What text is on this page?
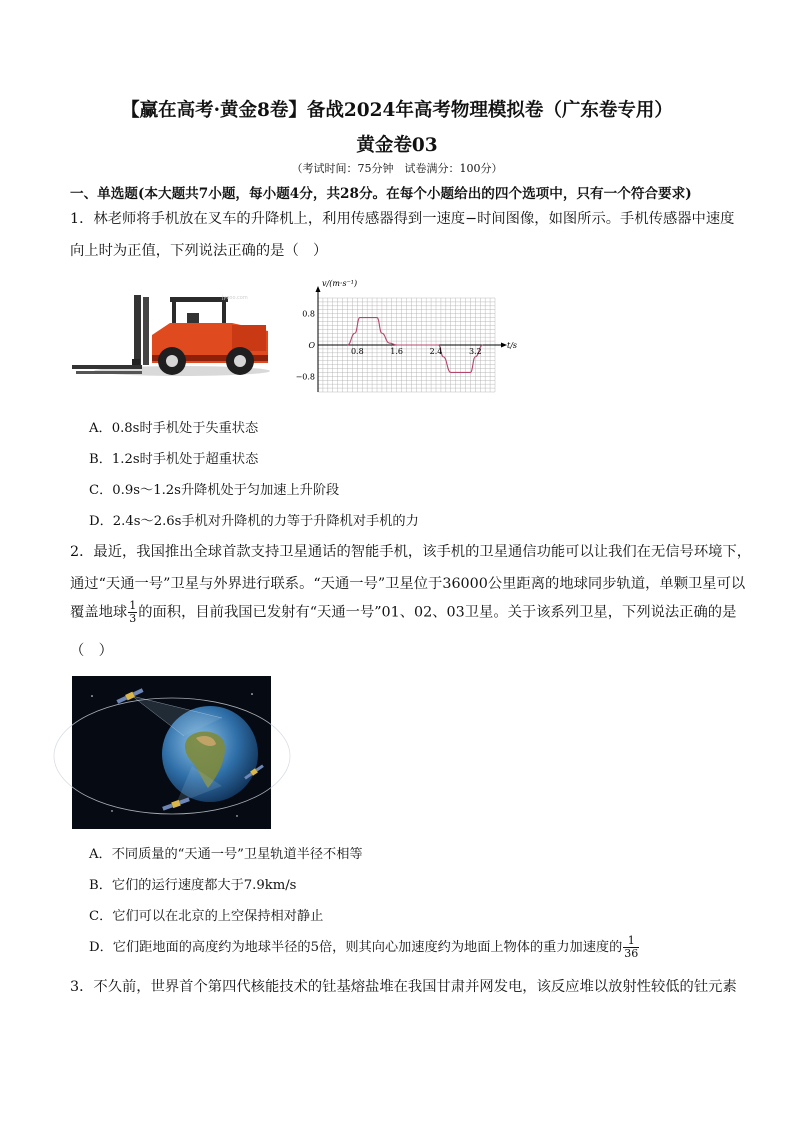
【赢在高考·黄金8卷】备战2024年高考物理模拟卷（广东卷专用）
黄金卷03
（考试时间：75分钟　试卷满分：100分）
一、单选题(本大题共7小题，每小题4分，共28分。在每个小题给出的四个选项中，只有一个符合要求)
1．林老师将手机放在叉车的升降机上，利用传感器得到一速度−时间图像，如图所示。手机传感器中速度
向上时为正值，下列说法正确的是（　）
jyeoo.com
v/(m·s⁻¹)
t/s
O
0.8	1.6	2.4	3.2
0.8
−0.8
A．0.8s时手机处于失重状态
B．1.2s时手机处于超重状态
C．0.9s～1.2s升降机处于匀加速上升阶段
D．2.4s～2.6s手机对升降机的力等于升降机对手机的力
2．最近，我国推出全球首款支持卫星通话的智能手机，该手机的卫星通信功能可以让我们在无信号环境下，
通过“天通一号”卫星与外界进行联系。“天通一号”卫星位于36000公里距离的地球同步轨道，单颗卫星可以
覆盖地球 $\frac{1}{3}$ 的面积，目前我国已发射有“天通一号”01、02、03卫星。关于该系列卫星，下列说法正确的是
（　）
A．不同质量的“天通一号”卫星轨道半径不相等
B．它们的运行速度都大于7.9km/s
C．它们可以在北京的上空保持相对静止
D．它们距地面的高度约为地球半径的5倍，则其向心加速度约为地面上物体的重力加速度的 $\frac{1}{36}$
3．不久前，世界首个第四代核能技术的钍基熔盐堆在我国甘肃并网发电，该反应堆以放射性较低的钍元素
